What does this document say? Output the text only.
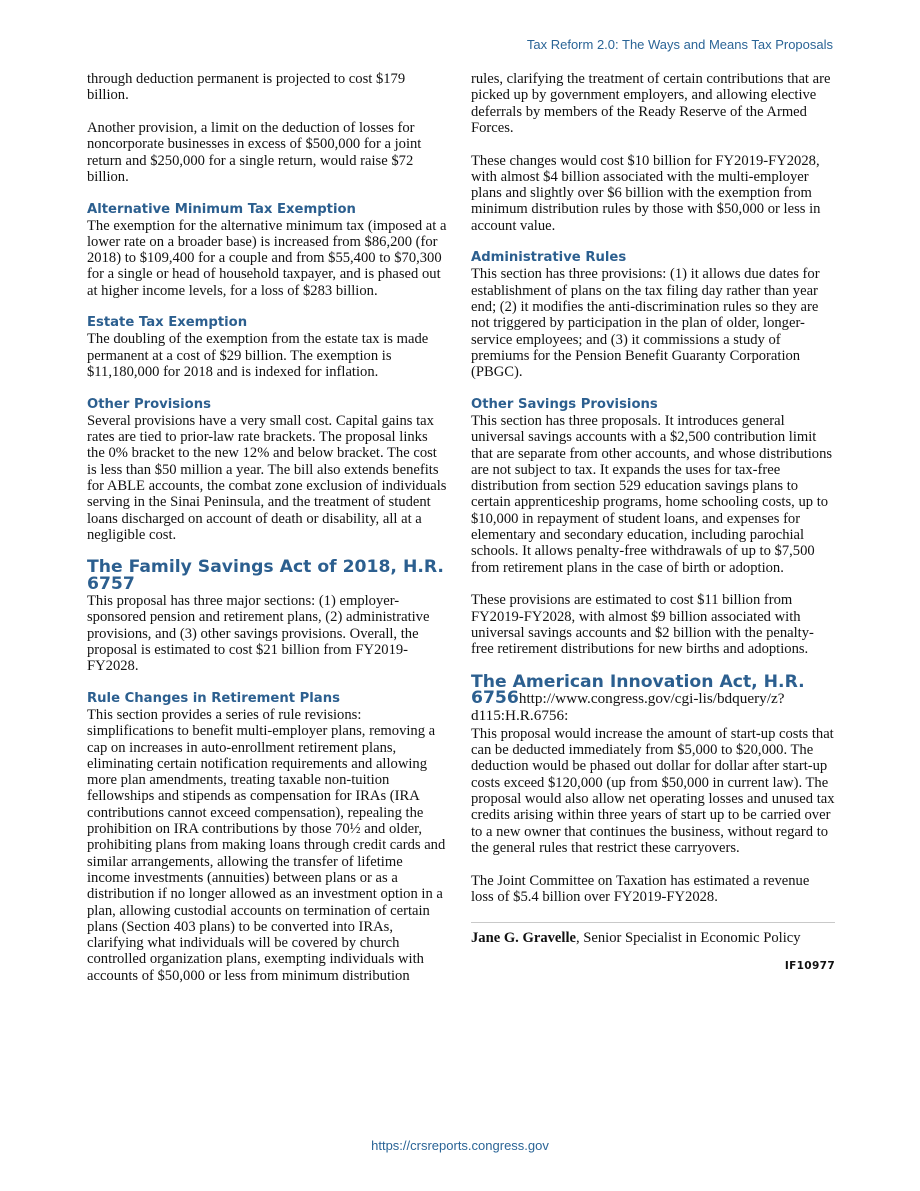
Tax Reform 2.0: The Ways and Means Tax Proposals

through deduction permanent is projected to cost $179 billion.

Another provision, a limit on the deduction of losses for noncorporate businesses in excess of $500,000 for a joint return and $250,000 for a single return, would raise $72 billion.

Alternative Minimum Tax Exemption

The exemption for the alternative minimum tax (imposed at a lower rate on a broader base) is increased from $86,200 (for 2018) to $109,400 for a couple and from $55,400 to $70,300 for a single or head of household taxpayer, and is phased out at higher income levels, for a loss of $283 billion.

Estate Tax Exemption

The doubling of the exemption from the estate tax is made permanent at a cost of $29 billion. The exemption is $11,180,000 for 2018 and is indexed for inflation.

Other Provisions

Several provisions have a very small cost. Capital gains tax rates are tied to prior-law rate brackets. The proposal links the 0% bracket to the new 12% and below bracket. The cost is less than $50 million a year. The bill also extends benefits for ABLE accounts, the combat zone exclusion of individuals serving in the Sinai Peninsula, and the treatment of student loans discharged on account of death or disability, all at a negligible cost.

The Family Savings Act of 2018, H.R. 6757

This proposal has three major sections: (1) employer-sponsored pension and retirement plans, (2) administrative provisions, and (3) other savings provisions. Overall, the proposal is estimated to cost $21 billion from FY2019-FY2028.

Rule Changes in Retirement Plans

This section provides a series of rule revisions: simplifications to benefit multi-employer plans, removing a cap on increases in auto-enrollment retirement plans, eliminating certain notification requirements and allowing more plan amendments, treating taxable non-tuition fellowships and stipends as compensation for IRAs (IRA contributions cannot exceed compensation), repealing the prohibition on IRA contributions by those 70½ and older, prohibiting plans from making loans through credit cards and similar arrangements, allowing the transfer of lifetime income investments (annuities) between plans or as a distribution if no longer allowed as an investment option in a plan, allowing custodial accounts on termination of certain plans (Section 403 plans) to be converted into IRAs, clarifying what individuals will be covered by church controlled organization plans, exempting individuals with accounts of $50,000 or less from minimum distribution

rules, clarifying the treatment of certain contributions that are picked up by government employers, and allowing elective deferrals by members of the Ready Reserve of the Armed Forces.

These changes would cost $10 billion for FY2019-FY2028, with almost $4 billion associated with the multi-employer plans and slightly over $6 billion with the exemption from minimum distribution rules by those with $50,000 or less in account value.

Administrative Rules

This section has three provisions: (1) it allows due dates for establishment of plans on the tax filing day rather than year end; (2) it modifies the anti-discrimination rules so they are not triggered by participation in the plan of older, longer-service employees; and (3) it commissions a study of premiums for the Pension Benefit Guaranty Corporation (PBGC).

Other Savings Provisions

This section has three proposals. It introduces general universal savings accounts with a $2,500 contribution limit that are separate from other accounts, and whose distributions are not subject to tax. It expands the uses for tax-free distribution from section 529 education savings plans to certain apprenticeship programs, home schooling costs, up to $10,000 in repayment of student loans, and expenses for elementary and secondary education, including parochial schools. It allows penalty-free withdrawals of up to $7,500 from retirement plans in the case of birth or adoption.

These provisions are estimated to cost $11 billion from FY2019-FY2028, with almost $9 billion associated with universal savings accounts and $2 billion with the penalty-free retirement distributions for new births and adoptions.

The American Innovation Act, H.R. 6756http://www.congress.gov/cgi-lis/bdquery/z?d115:H.R.6756:

This proposal would increase the amount of start-up costs that can be deducted immediately from $5,000 to $20,000. The deduction would be phased out dollar for dollar after start-up costs exceed $120,000 (up from $50,000 in current law). The proposal would also allow net operating losses and unused tax credits arising within three years of start up to be carried over to a new owner that continues the business, without regard to the general rules that restrict these carryovers.

The Joint Committee on Taxation has estimated a revenue loss of $5.4 billion over FY2019-FY2028.

Jane G. Gravelle, Senior Specialist in Economic Policy
IF10977
https://crsreports.congress.gov
